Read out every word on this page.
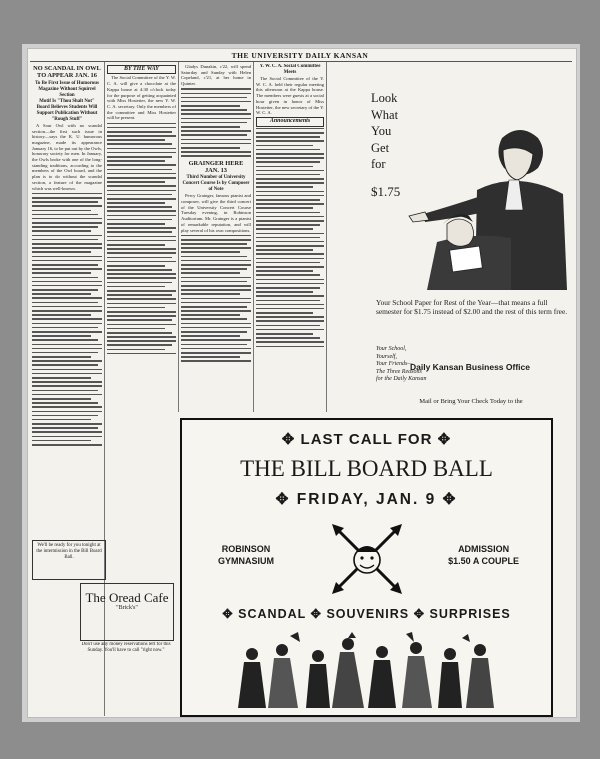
THE UNIVERSITY DAILY KANSAN
NO SCANDAL IN OWL TO APPEAR JAN. 16
To Be First Issue of Humorous Magazine Without Squirrel Section
Motif Is "Thou Shalt Not"
Board Believes Students Will Support Publication Without "Rough Stuff"

A Sour Owl with no scandal section—the first such issue in history—says the K. U. humorous magazine, made its appearance January 16, to be put out by the Owls, honorary society for men. In January, the Owls broke with one of the long-standing traditions, according to the members of the Owl board, and the plan is to do without the scandal section, a feature of the magazine which was well-known.

We'll be ready for you tonight at the intermission in the Bill Board Ball.
The Oread Cafe
"Brick's"
Don't use any money reservations left for this Sunday. You'll have to call "right now."
BY THE WAY

The Social Committee of the Y. W. C. A. will give a chocolate at the Kappa house at 4:30 o'clock today for the purpose of getting acquainted with Miss Hostetter, the new Y. W. C. A. secretary. Only the members of the committee and Miss Hostetter will be present.

Gladys Dunakin, c'22, will spend Saturday and Sunday with Helen Copeland, c'21, at her home in Quinter.

GRAINGER HERE JAN. 13
Third Number of University Concert Course Is by Composer of Note

Percy Grainger, famous pianist and composer, will give the third concert of the University Concert Course Tuesday evening, in Robinson Auditorium. Mr. Grainger is a pianist of remarkable reputation, and will play several of his own compositions.

Y. W. C. A. Social Committee Meets

The Social Committee of the Y. W. C. A. held their regular meeting this afternoon at the Kappa house. The members were guests at a social hour given in honor of Miss Hostetter, the new secretary of the Y. W. C. A.

Announcements
Look
What
You
Get
for
$1.75
Your School Paper for Rest of the Year—that means a full semester for $1.75 instead of $2.00 and the rest of this term free.
Your School,
Yourself,
Your Friends—
The Three Reasons
for the Daily Kansan
Mail or Bring Your Check Today to the
Daily Kansan Business Office
✥ LAST CALL FOR ✥
THE BILL BOARD BALL
✥ FRIDAY, JAN. 9 ✥
ROBINSON
GYMNASIUM
ADMISSION
$1.50 A COUPLE
✥ SCANDAL ✥ SOUVENIRS ✥ SURPRISES
